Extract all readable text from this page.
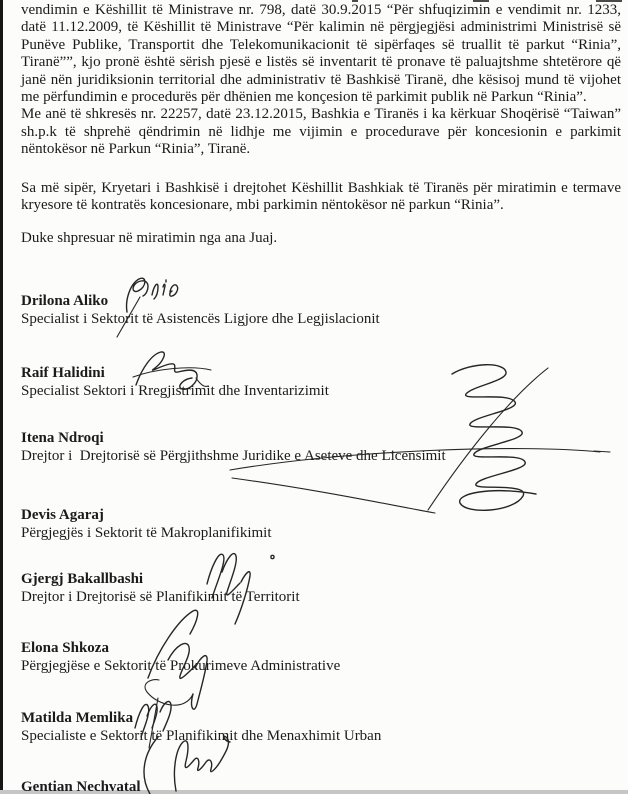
vendimin e Këshillit të Ministrave nr. 798, datë 30.9.2015 “Për shfuqizimin e vendimit nr. 1233, datë 11.12.2009, të Këshillit të Ministrave “Për kalimin në përgjegjësi administrimi Ministrisë së Punëve Publike, Transportit dhe Telekomunikacionit të sipërfaqes së truallit të parkut “Rinia”, Tiranë””, kjo pronë është sërish pjesë e listës së inventarit të pronave të paluajtshme shtetërore që janë nën juridiksionin territorial dhe administrativ të Bashkisë Tiranë, dhe kësisoj mund të vijohet me përfundimin e procedurës për dhënien me konçesion të parkimit publik në Parkun “Rinia”.

Me anë të shkresës nr. 22257, datë 23.12.2015, Bashkia e Tiranës i ka kërkuar Shoqërisë “Taiwan” sh.p.k të shprehë qëndrimin në lidhje me vijimin e procedurave për koncesionin e parkimit nëntokësor në Parkun “Rinia”, Tiranë.

Sa më sipër, Kryetari i Bashkisë i drejtohet Këshillit Bashkiak të Tiranës për miratimin e termave kryesore të kontratës koncesionare, mbi parkimin nëntokësor në parkun “Rinia”.

Duke shpresuar në miratimin nga ana Juaj.

Drilona Aliko
Specialist i Sektorit të Asistencës Ligjore dhe Legjislacionit
Raif Halidini
Specialist Sektori i Rregjistrimit dhe Inventarizimit
Itena Ndroqi
Drejtor i  Drejtorisë së Përgjithshme Juridike e Aseteve dhe Licensimit
Devis Agaraj
Përgjegjës i Sektorit të Makroplanifikimit
Gjergj Bakallbashi
Drejtor i Drejtorisë së Planifikimit të Territorit
Elona Shkoza
Përgjegjëse e Sektorit të Prokurimeve Administrative
Matilda Memlika
Specialiste e Sektorit të Planifikimit dhe Menaxhimit Urban
Gentian Nechvatal
